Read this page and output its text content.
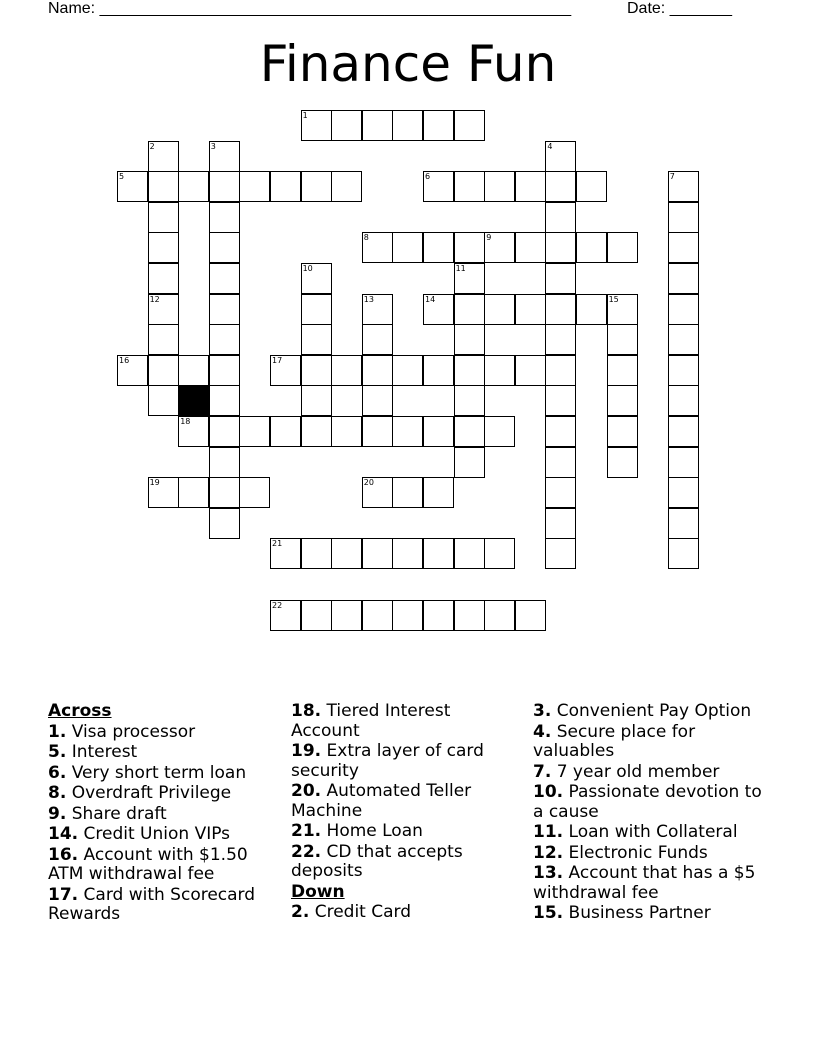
Name: _____________________________________________________	Date: _______
Finance Fun
1
2
12
3	4
5	6	7
8	9
10	11
13	14	15
16	17
18
19	20
21
22

Across

1. Visa processor

5. Interest

6. Very short term loan

8. Overdraft Privilege

9. Share draft

14. Credit Union VIPs

16. Account with $1.50 ATM withdrawal fee

17. Card with Scorecard Rewards

18. Tiered Interest Account

19. Extra layer of card security

20. Automated Teller Machine

21. Home Loan

22. CD that accepts deposits

Down

2. Credit Card

3. Convenient Pay Option

4. Secure place for valuables

7. 7 year old member

10. Passionate devotion to a cause

11. Loan with Collateral

12. Electronic Funds

13. Account that has a $5 withdrawal fee

15. Business Partner
